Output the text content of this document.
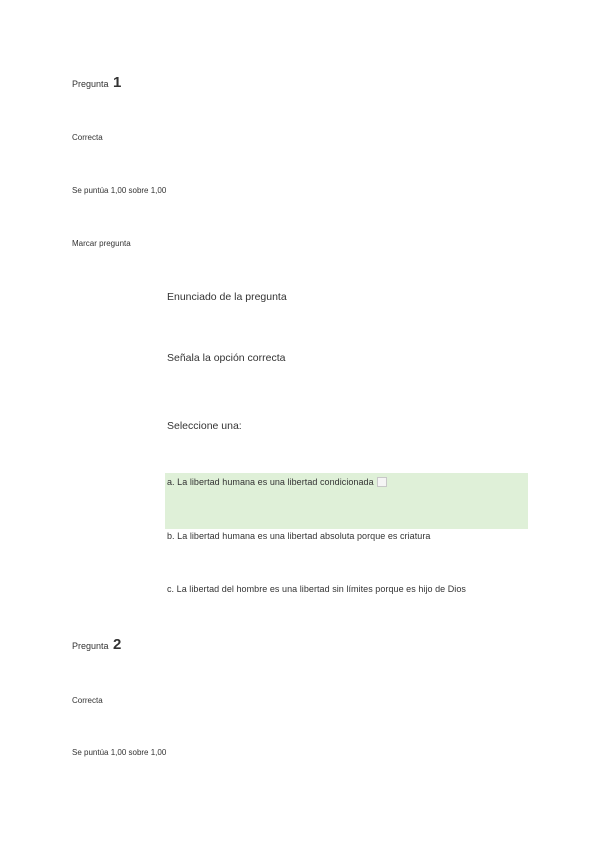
Pregunta 1
Correcta
Se puntúa 1,00 sobre 1,00
Marcar pregunta
Enunciado de la pregunta
Señala la opción correcta
Seleccione una:
a. La libertad humana es una libertad condicionada
b. La libertad humana es una libertad absoluta porque es criatura
c. La libertad del hombre es una libertad sin límites porque es hijo de Dios
Pregunta 2
Correcta
Se puntúa 1,00 sobre 1,00
